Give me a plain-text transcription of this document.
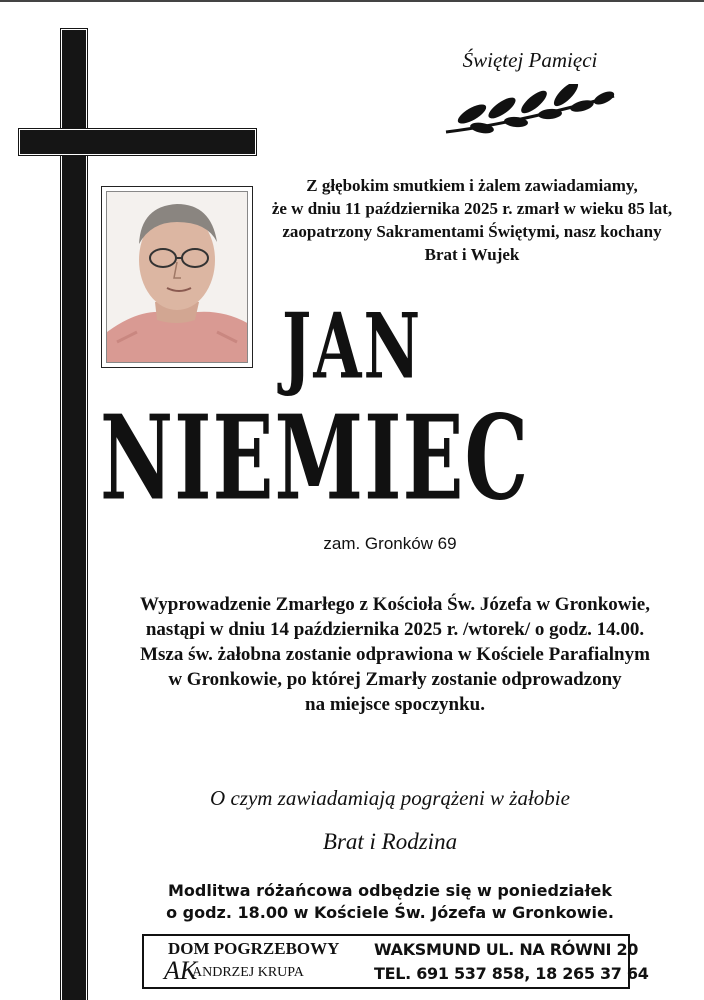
Świętej Pamięci
Z głębokim smutkiem i żalem zawiadamiamy,
że w dniu 11 października 2025 r. zmarł w wieku 85 lat,
zaopatrzony Sakramentami Świętymi, nasz kochany
Brat i Wujek
JAN
NIEMIEC
zam. Gronków 69
Wyprowadzenie Zmarłego z Kościoła Św. Józefa w Gronkowie,
nastąpi w dniu 14 października 2025 r. /wtorek/ o godz. 14.00.
Msza św. żałobna zostanie odprawiona w Kościele Parafialnym
w Gronkowie, po której Zmarły zostanie odprowadzony
na miejsce spoczynku.
O czym zawiadamiają pogrążeni w żałobie
Brat i Rodzina
Modlitwa różańcowa odbędzie się w poniedziałek
o godz. 18.00 w Kościele Św. Józefa w Gronkowie.
DOM POGRZEBOWY
AK
ANDRZEJ KRUPA
WAKSMUND UL. NA RÓWNI 20
TEL. 691 537 858, 18 265 37 64
